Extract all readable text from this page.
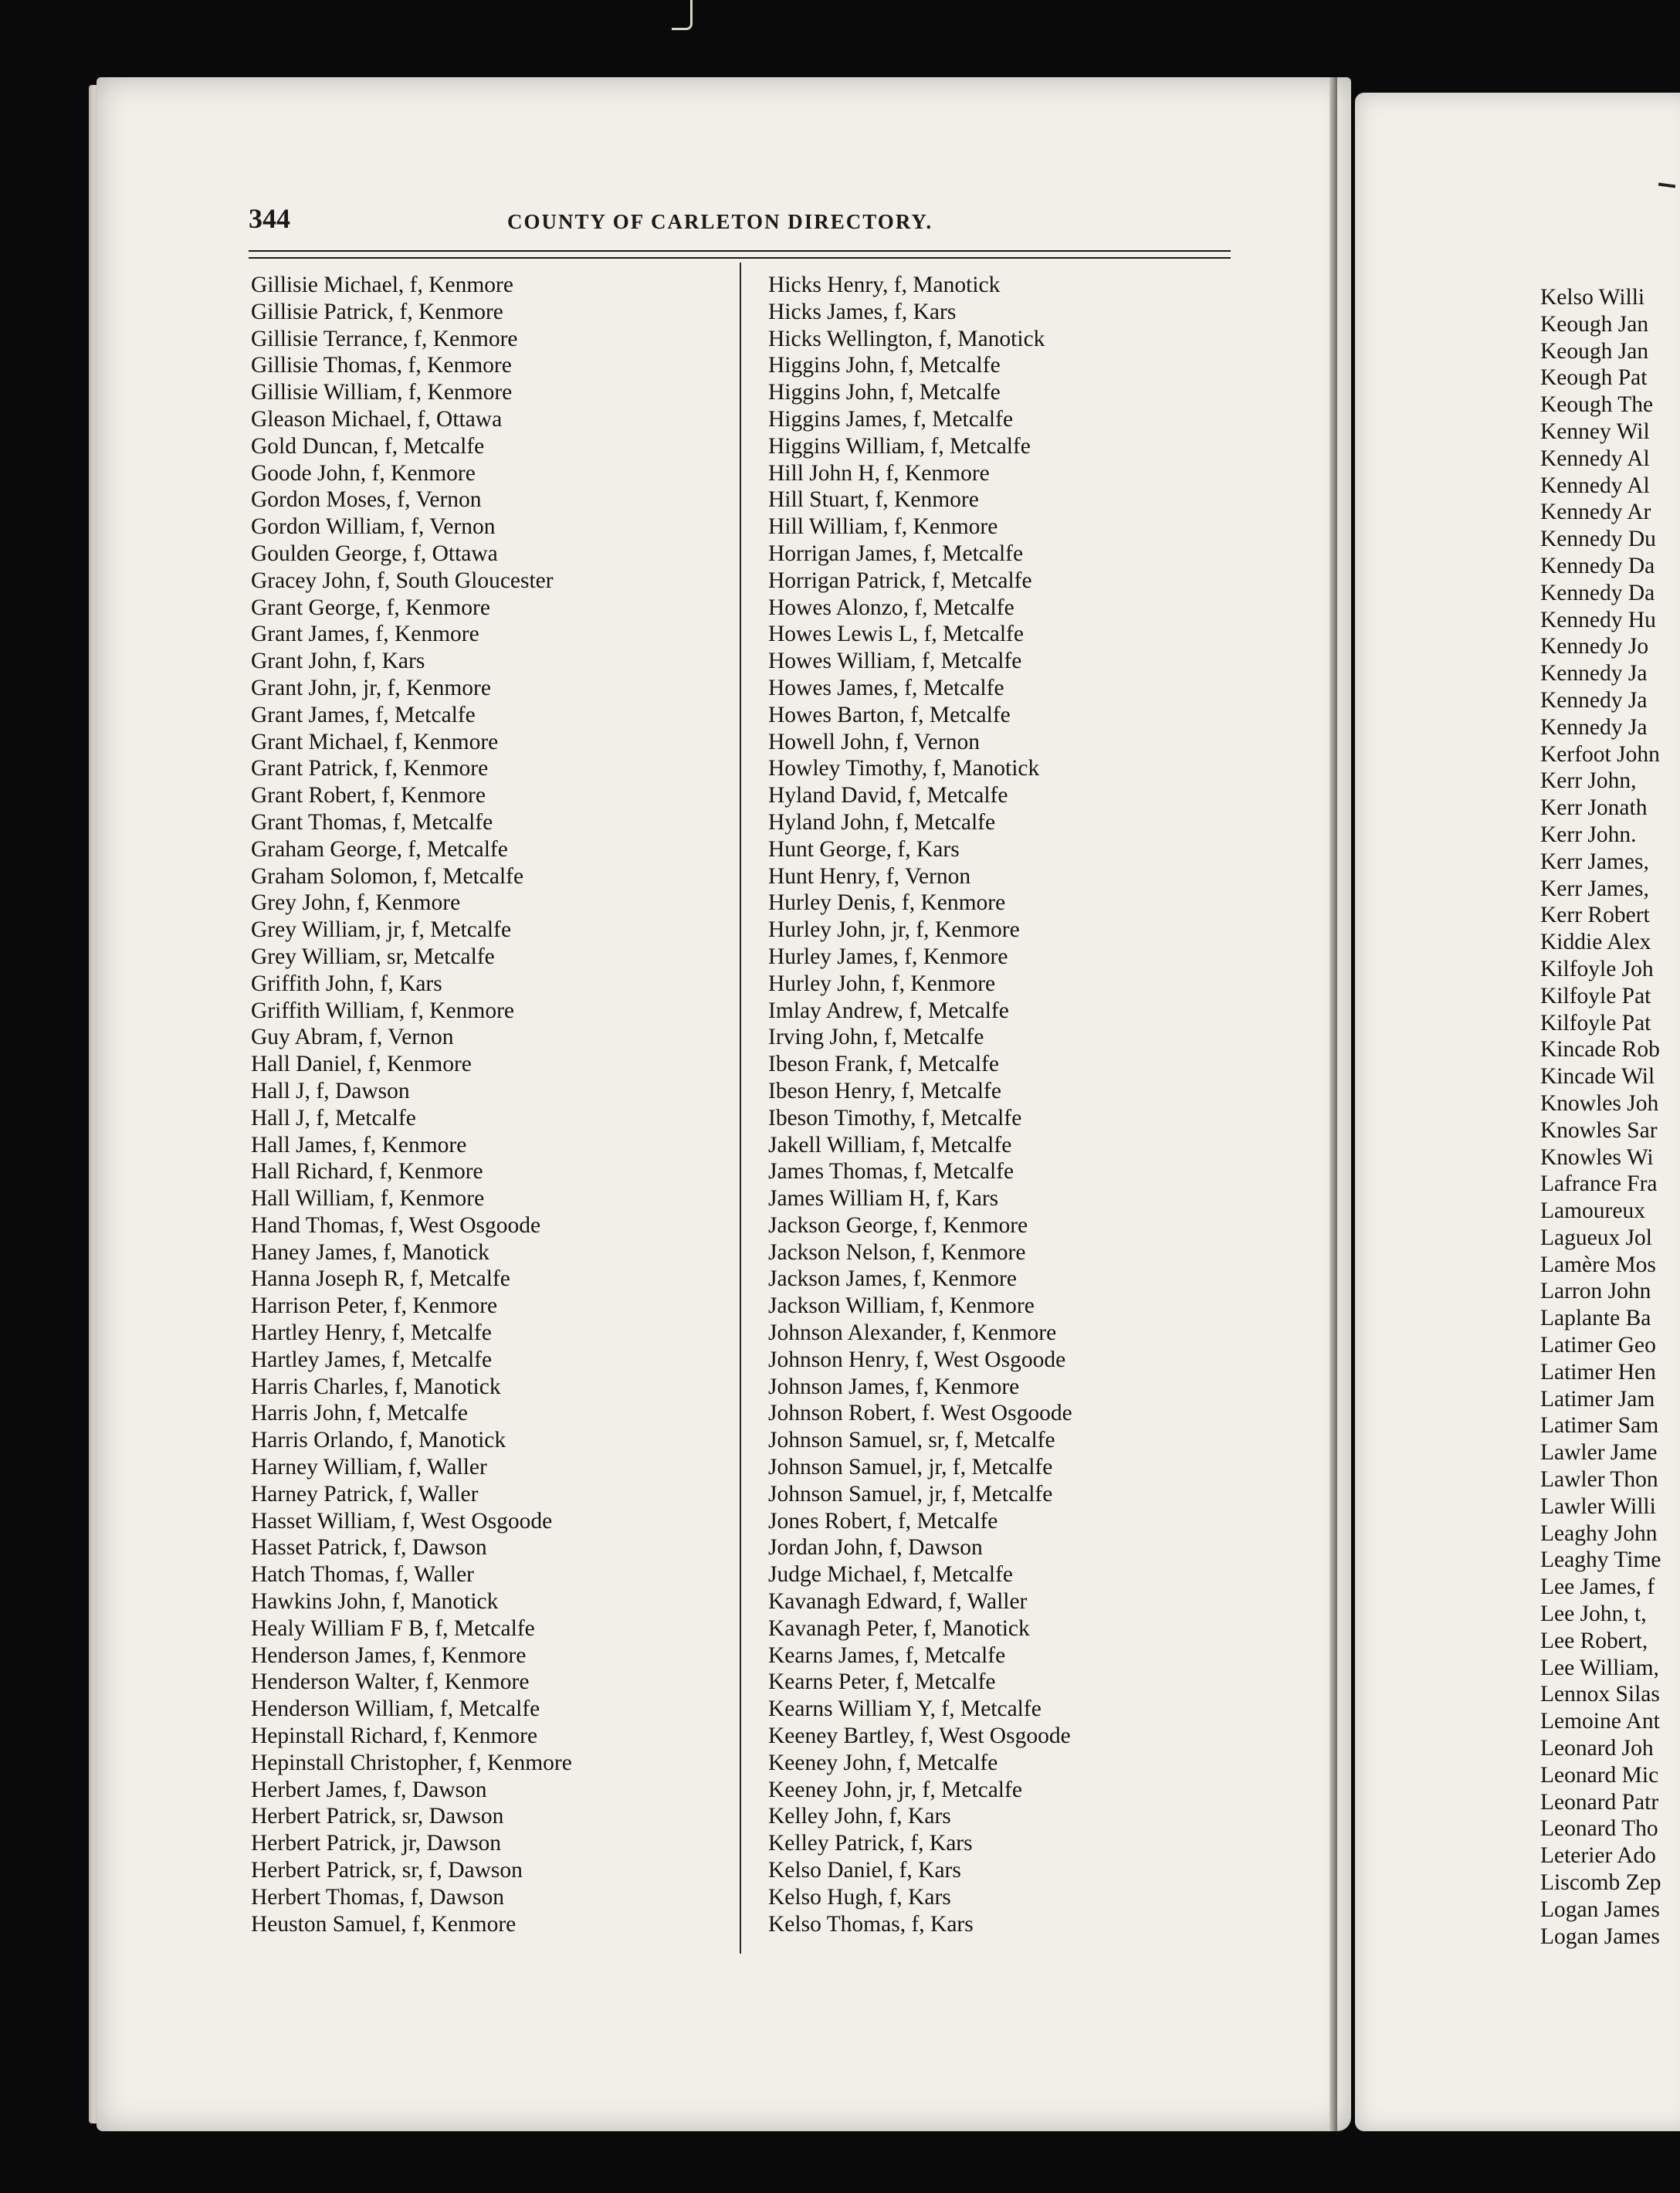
344	COUNTY OF CARLETON DIRECTORY.
Gillisie Michael, f, Kenmore
Gillisie Patrick, f, Kenmore
Gillisie Terrance, f, Kenmore
Gillisie Thomas, f, Kenmore
Gillisie William, f, Kenmore
Gleason Michael, f, Ottawa
Gold Duncan, f, Metcalfe
Goode John, f, Kenmore
Gordon Moses, f, Vernon
Gordon William, f, Vernon
Goulden George, f, Ottawa
Gracey John, f, South Gloucester
Grant George, f, Kenmore
Grant James, f, Kenmore
Grant John, f, Kars
Grant John, jr, f, Kenmore
Grant James, f, Metcalfe
Grant Michael, f, Kenmore
Grant Patrick, f, Kenmore
Grant Robert, f, Kenmore
Grant Thomas, f, Metcalfe
Graham George, f, Metcalfe
Graham Solomon, f, Metcalfe
Grey John, f, Kenmore
Grey William, jr, f, Metcalfe
Grey William, sr, Metcalfe
Griffith John, f, Kars
Griffith William, f, Kenmore
Guy Abram, f, Vernon
Hall Daniel, f, Kenmore
Hall J, f, Dawson
Hall J, f, Metcalfe
Hall James, f, Kenmore
Hall Richard, f, Kenmore
Hall William, f, Kenmore
Hand Thomas, f, West Osgoode
Haney James, f, Manotick
Hanna Joseph R, f, Metcalfe
Harrison Peter, f, Kenmore
Hartley Henry, f, Metcalfe
Hartley James, f, Metcalfe
Harris Charles, f, Manotick
Harris John, f, Metcalfe
Harris Orlando, f, Manotick
Harney William, f, Waller
Harney Patrick, f, Waller
Hasset William, f, West Osgoode
Hasset Patrick, f, Dawson
Hatch Thomas, f, Waller
Hawkins John, f, Manotick
Healy William F B, f, Metcalfe
Henderson James, f, Kenmore
Henderson Walter, f, Kenmore
Henderson William, f, Metcalfe
Hepinstall Richard, f, Kenmore
Hepinstall Christopher, f, Kenmore
Herbert James, f, Dawson
Herbert Patrick, sr, Dawson
Herbert Patrick, jr, Dawson
Herbert Patrick, sr, f, Dawson
Herbert Thomas, f, Dawson
Heuston Samuel, f, Kenmore
Hicks Henry, f, Manotick
Hicks James, f, Kars
Hicks Wellington, f, Manotick
Higgins John, f, Metcalfe
Higgins John, f, Metcalfe
Higgins James, f, Metcalfe
Higgins William, f, Metcalfe
Hill John H, f, Kenmore
Hill Stuart, f, Kenmore
Hill William, f, Kenmore
Horrigan James, f, Metcalfe
Horrigan Patrick, f, Metcalfe
Howes Alonzo, f, Metcalfe
Howes Lewis L, f, Metcalfe
Howes William, f, Metcalfe
Howes James, f, Metcalfe
Howes Barton, f, Metcalfe
Howell John, f, Vernon
Howley Timothy, f, Manotick
Hyland David, f, Metcalfe
Hyland John, f, Metcalfe
Hunt George, f, Kars
Hunt Henry, f, Vernon
Hurley Denis, f, Kenmore
Hurley John, jr, f, Kenmore
Hurley James, f, Kenmore
Hurley John, f, Kenmore
Imlay Andrew, f, Metcalfe
Irving John, f, Metcalfe
Ibeson Frank, f, Metcalfe
Ibeson Henry, f, Metcalfe
Ibeson Timothy, f, Metcalfe
Jakell William, f, Metcalfe
James Thomas, f, Metcalfe
James William H, f, Kars
Jackson George, f, Kenmore
Jackson Nelson, f, Kenmore
Jackson James, f, Kenmore
Jackson William, f, Kenmore
Johnson Alexander, f, Kenmore
Johnson Henry, f, West Osgoode
Johnson James, f, Kenmore
Johnson Robert, f. West Osgoode
Johnson Samuel, sr, f, Metcalfe
Johnson Samuel, jr, f, Metcalfe
Johnson Samuel, jr, f, Metcalfe
Jones Robert, f, Metcalfe
Jordan John, f, Dawson
Judge Michael, f, Metcalfe
Kavanagh Edward, f, Waller
Kavanagh Peter, f, Manotick
Kearns James, f, Metcalfe
Kearns Peter, f, Metcalfe
Kearns William Y, f, Metcalfe
Keeney Bartley, f, West Osgoode
Keeney John, f, Metcalfe
Keeney John, jr, f, Metcalfe
Kelley John, f, Kars
Kelley Patrick, f, Kars
Kelso Daniel, f, Kars
Kelso Hugh, f, Kars
Kelso Thomas, f, Kars
Kelso Willi
Keough Jan
Keough Jan
Keough Pat
Keough The
Kenney Wil
Kennedy Al
Kennedy Al
Kennedy Ar
Kennedy Du
Kennedy Da
Kennedy Da
Kennedy Hu
Kennedy Jo
Kennedy Ja
Kennedy Ja
Kennedy Ja
Kerfoot John
Kerr John,
Kerr Jonath
Kerr John.
Kerr James,
Kerr James,
Kerr Robert
Kiddie Alex
Kilfoyle Joh
Kilfoyle Pat
Kilfoyle Pat
Kincade Rob
Kincade Wil
Knowles Joh
Knowles Sar
Knowles Wi
Lafrance Fra
Lamoureux
Lagueux Jol
Lamère Mos
Larron John
Laplante Ba
Latimer Geo
Latimer Hen
Latimer Jam
Latimer Sam
Lawler Jame
Lawler Thon
Lawler Willi
Leaghy John
Leaghy Time
Lee James, f
Lee John, t,
Lee Robert,
Lee William,
Lennox Silas
Lemoine Ant
Leonard Joh
Leonard Mic
Leonard Patr
Leonard Tho
Leterier Ado
Liscomb Zep
Logan James
Logan James
